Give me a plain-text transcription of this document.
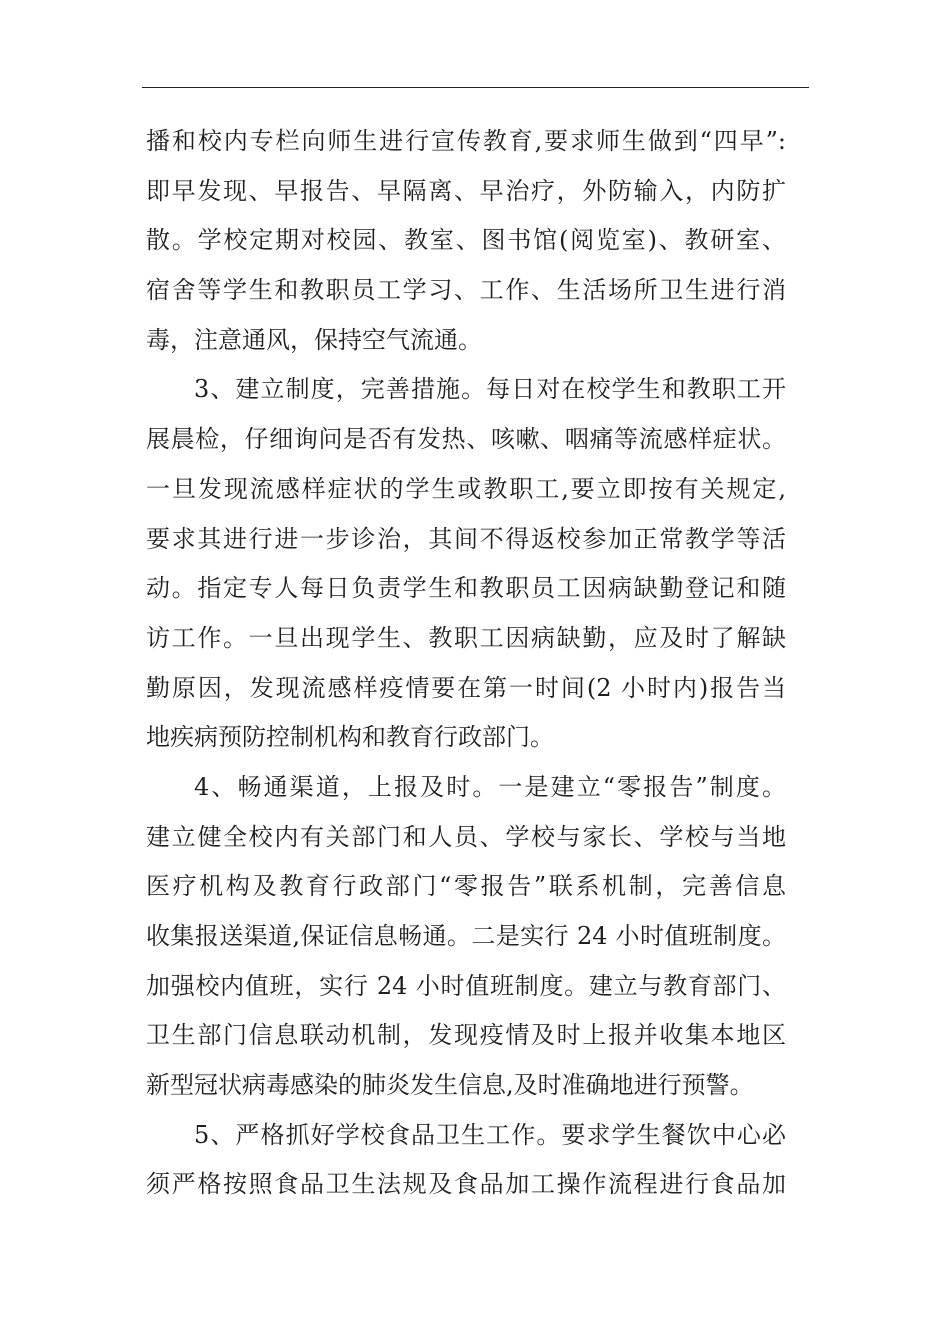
播和校内专栏向师生进行宣传教育,要求师生做到“四早”:
即早发现、早报告、早隔离、早治疗，外防输入，内防扩
散。学校定期对校园、教室、图书馆(阅览室)、教研室、
宿舍等学生和教职员工学习、工作、生活场所卫生进行消
毒，注意通风，保持空气流通。
3、建立制度，完善措施。每日对在校学生和教职工开
展晨检，仔细询问是否有发热、咳嗽、咽痛等流感样症状。
一旦发现流感样症状的学生或教职工,要立即按有关规定,
要求其进行进一步诊治，其间不得返校参加正常教学等活
动。指定专人每日负责学生和教职员工因病缺勤登记和随
访工作。一旦出现学生、教职工因病缺勤，应及时了解缺
勤原因，发现流感样疫情要在第一时间(2 小时内)报告当
地疾病预防控制机构和教育行政部门。
4、畅通渠道，上报及时。一是建立“零报告”制度。
建立健全校内有关部门和人员、学校与家长、学校与当地
医疗机构及教育行政部门“零报告”联系机制，完善信息
收集报送渠道,保证信息畅通。二是实行 24 小时值班制度。
加强校内值班，实行 24 小时值班制度。建立与教育部门、
卫生部门信息联动机制，发现疫情及时上报并收集本地区
新型冠状病毒感染的肺炎发生信息,及时准确地进行预警。
5、严格抓好学校食品卫生工作。要求学生餐饮中心必
须严格按照食品卫生法规及食品加工操作流程进行食品加
